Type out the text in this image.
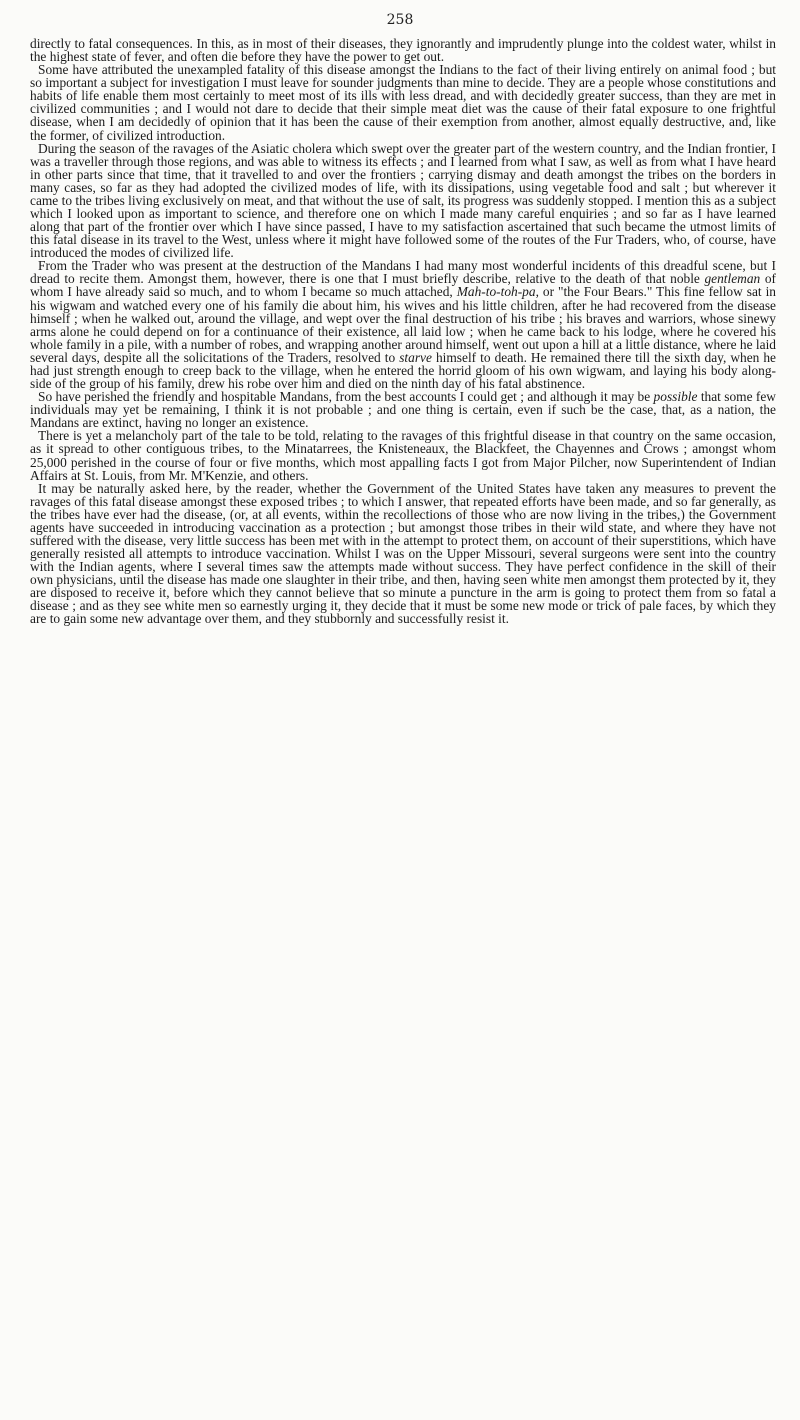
258

directly to fatal consequences. In this, as in most of their diseases, they ignorantly and imprudently plunge into the coldest water, whilst in the highest state of fever, and often die before they have the power to get out.

Some have attributed the unexampled fatality of this disease amongst the Indians to the fact of their living entirely on animal food ; but so important a subject for investigation I must leave for sounder judgments than mine to decide. They are a people whose constitutions and habits of life enable them most certainly to meet most of its ills with less dread, and with decidedly greater success, than they are met in civilized communities ; and I would not dare to decide that their simple meat diet was the cause of their fatal exposure to one frightful disease, when I am decidedly of opinion that it has been the cause of their exemption from another, almost equally destructive, and, like the former, of civilized introduction.

During the season of the ravages of the Asiatic cholera which swept over the greater part of the western country, and the Indian frontier, I was a traveller through those regions, and was able to witness its effects ; and I learned from what I saw, as well as from what I have heard in other parts since that time, that it travelled to and over the frontiers ; carrying dismay and death amongst the tribes on the borders in many cases, so far as they had adopted the civilized modes of life, with its dissipations, using vegetable food and salt ; but wherever it came to the tribes living exclusively on meat, and that without the use of salt, its progress was suddenly stopped. I mention this as a subject which I looked upon as important to science, and therefore one on which I made many careful enquiries ; and so far as I have learned along that part of the frontier over which I have since passed, I have to my satisfaction ascertained that such became the utmost limits of this fatal disease in its travel to the West, unless where it might have followed some of the routes of the Fur Traders, who, of course, have introduced the modes of civilized life.

From the Trader who was present at the destruction of the Mandans I had many most wonderful incidents of this dreadful scene, but I dread to recite them. Amongst them, however, there is one that I must briefly describe, relative to the death of that noble gentleman of whom I have already said so much, and to whom I became so much attached, Mah-to-toh-pa, or "the Four Bears." This fine fellow sat in his wigwam and watched every one of his family die about him, his wives and his little children, after he had recovered from the disease himself ; when he walked out, around the village, and wept over the final destruction of his tribe ; his braves and warriors, whose sinewy arms alone he could depend on for a continuance of their existence, all laid low ; when he came back to his lodge, where he covered his whole family in a pile, with a number of robes, and wrapping another around himself, went out upon a hill at a little distance, where he laid several days, despite all the solicitations of the Traders, resolved to starve himself to death. He remained there till the sixth day, when he had just strength enough to creep back to the village, when he entered the horrid gloom of his own wigwam, and laying his body along-side of the group of his family, drew his robe over him and died on the ninth day of his fatal abstinence.

So have perished the friendly and hospitable Mandans, from the best accounts I could get ; and although it may be possible that some few individuals may yet be remaining, I think it is not probable ; and one thing is certain, even if such be the case, that, as a nation, the Mandans are extinct, having no longer an existence.

There is yet a melancholy part of the tale to be told, relating to the ravages of this frightful disease in that country on the same occasion, as it spread to other contiguous tribes, to the Minatarrees, the Knisteneaux, the Blackfeet, the Chayennes and Crows ; amongst whom 25,000 perished in the course of four or five months, which most appalling facts I got from Major Pilcher, now Superintendent of Indian Affairs at St. Louis, from Mr. M'Kenzie, and others.

It may be naturally asked here, by the reader, whether the Government of the United States have taken any measures to prevent the ravages of this fatal disease amongst these exposed tribes ; to which I answer, that repeated efforts have been made, and so far generally, as the tribes have ever had the disease, (or, at all events, within the recollections of those who are now living in the tribes,) the Government agents have succeeded in introducing vaccination as a protection ; but amongst those tribes in their wild state, and where they have not suffered with the disease, very little success has been met with in the attempt to protect them, on account of their superstitions, which have generally resisted all attempts to introduce vaccination. Whilst I was on the Upper Missouri, several surgeons were sent into the country with the Indian agents, where I several times saw the attempts made without success. They have perfect confidence in the skill of their own physicians, until the disease has made one slaughter in their tribe, and then, having seen white men amongst them protected by it, they are disposed to receive it, before which they cannot believe that so minute a puncture in the arm is going to protect them from so fatal a disease ; and as they see white men so earnestly urging it, they decide that it must be some new mode or trick of pale faces, by which they are to gain some new advantage over them, and they stubbornly and successfully resist it.
